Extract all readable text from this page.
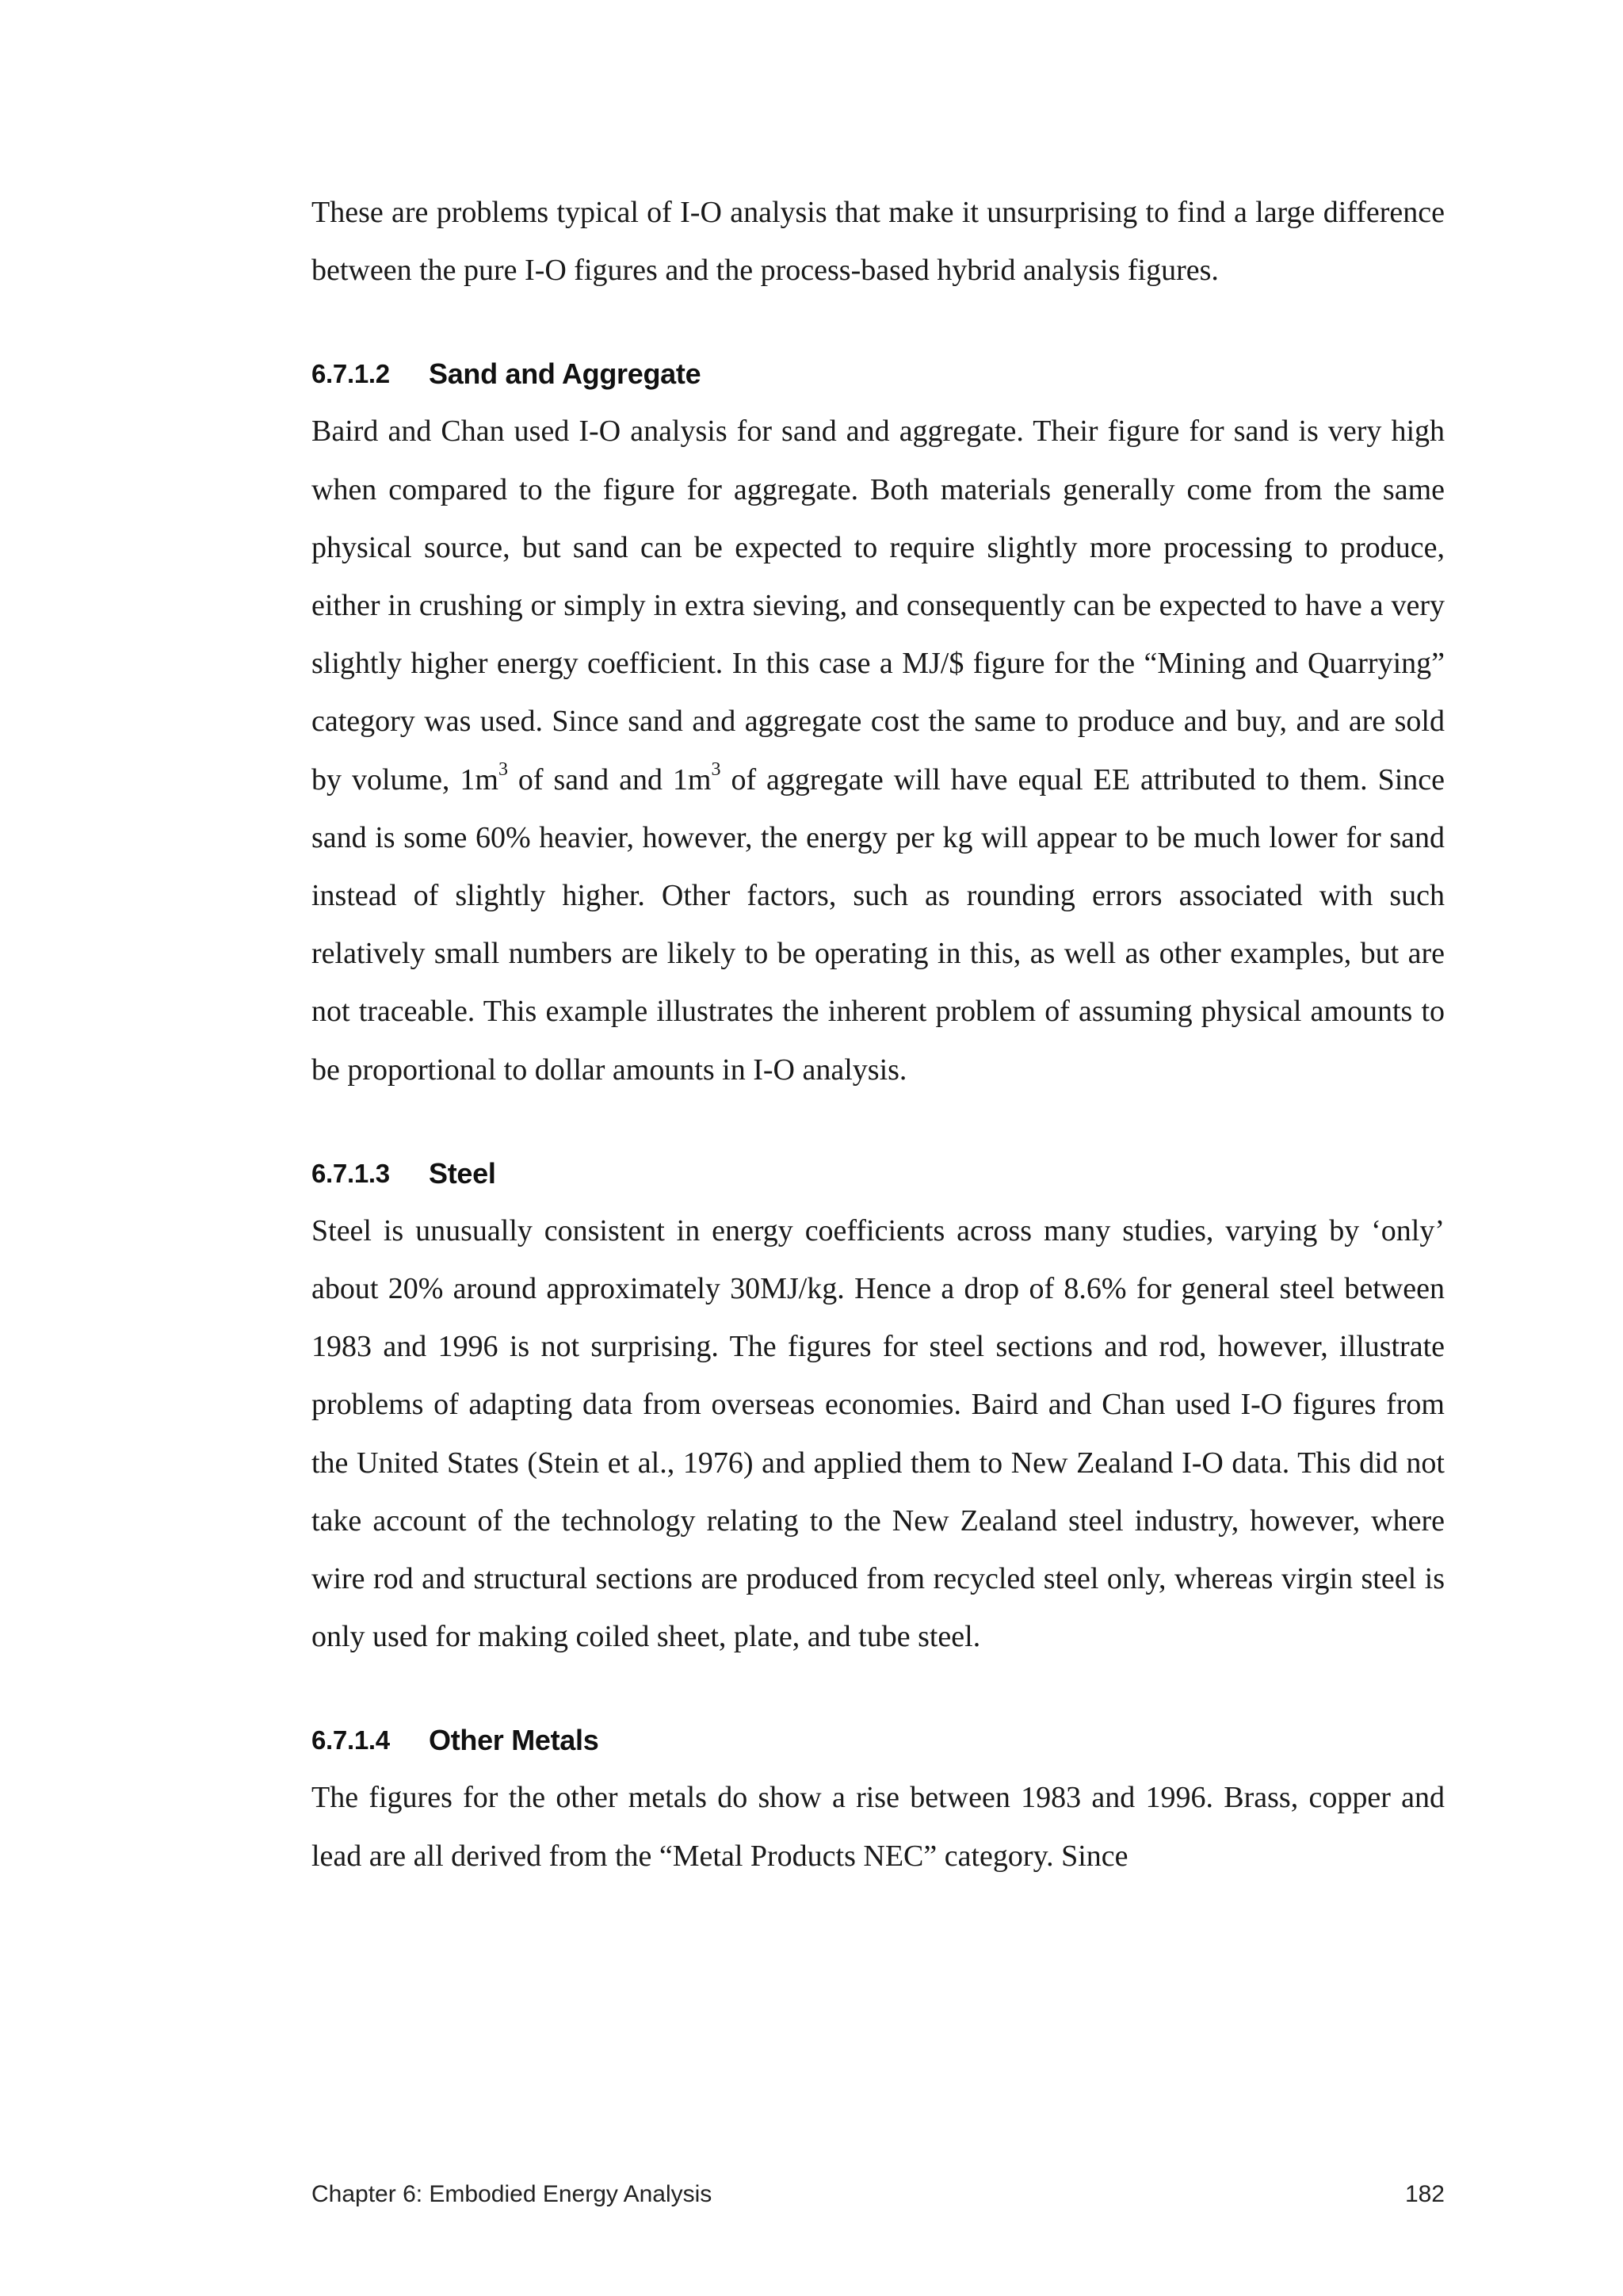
These are problems typical of I-O analysis that make it unsurprising to find a large difference between the pure I-O figures and the process-based hybrid analysis figures.

6.7.1.2	Sand and Aggregate

Baird and Chan used I-O analysis for sand and aggregate. Their figure for sand is very high when compared to the figure for aggregate. Both materials generally come from the same physical source, but sand can be expected to require slightly more processing to produce, either in crushing or simply in extra sieving, and consequently can be expected to have a very slightly higher energy coefficient. In this case a MJ/$ figure for the “Mining and Quarrying” category was used. Since sand and aggregate cost the same to produce and buy, and are sold by volume, $1m^3$ of sand and $1m^3$ of aggregate will have equal EE attributed to them. Since sand is some 60% heavier, however, the energy per kg will appear to be much lower for sand instead of slightly higher. Other factors, such as rounding errors associated with such relatively small numbers are likely to be operating in this, as well as other examples, but are not traceable. This example illustrates the inherent problem of assuming physical amounts to be proportional to dollar amounts in I-O analysis.

6.7.1.3	Steel

Steel is unusually consistent in energy coefficients across many studies, varying by ‘only’ about 20% around approximately 30MJ/kg. Hence a drop of 8.6% for general steel between 1983 and 1996 is not surprising. The figures for steel sections and rod, however, illustrate problems of adapting data from overseas economies. Baird and Chan used I-O figures from the United States (Stein et al., 1976) and applied them to New Zealand I-O data. This did not take account of the technology relating to the New Zealand steel industry, however, where wire rod and structural sections are produced from recycled steel only, whereas virgin steel is only used for making coiled sheet, plate, and tube steel.

6.7.1.4	Other Metals

The figures for the other metals do show a rise between 1983 and 1996. Brass, copper and lead are all derived from the “Metal Products NEC” category. Since

Chapter 6: Embodied Energy Analysis	182
